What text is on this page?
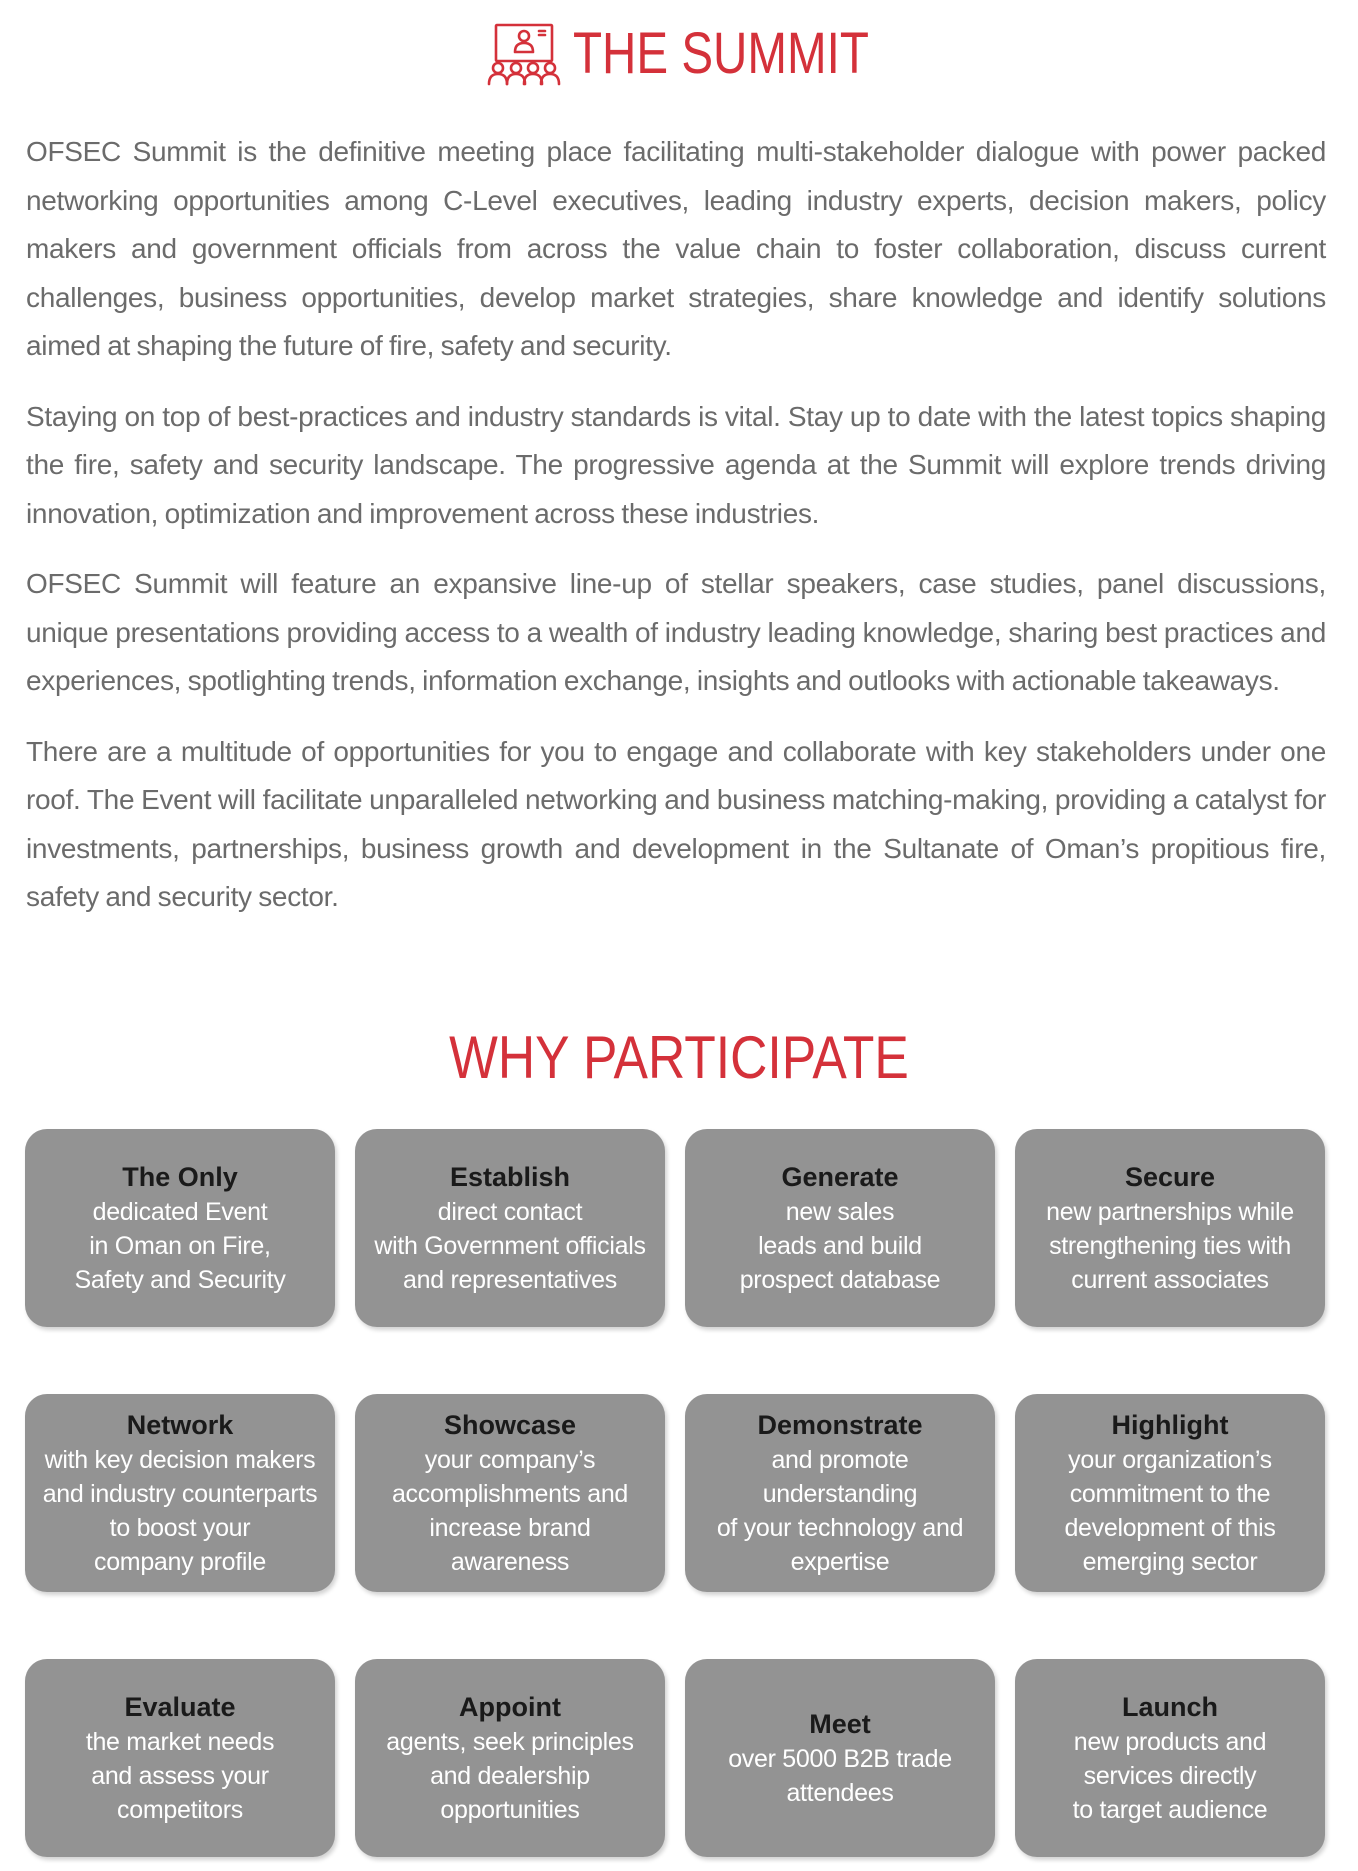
THE SUMMIT

OFSEC Summit is the definitive meeting place facilitating multi-stakeholder dialogue with power packed networking opportunities among C-Level executives, leading industry experts, decision makers, policy makers and government officials from across the value chain to foster collaboration, discuss current challenges, business opportunities, develop market strategies, share knowledge and identify solutions aimed at shaping the future of fire, safety and security.

Staying on top of best-practices and industry standards is vital. Stay up to date with the latest topics shaping the fire, safety and security landscape. The progressive agenda at the Summit will explore trends driving innovation, optimization and improvement across these industries.

OFSEC Summit will feature an expansive line-up of stellar speakers, case studies, panel discussions, unique presentations providing access to a wealth of industry leading knowledge, sharing best practices and experiences, spotlighting trends, information exchange, insights and outlooks with actionable takeaways.

There are a multitude of opportunities for you to engage and collaborate with key stakeholders under one roof. The Event will facilitate unparalleled networking and business matching-making, providing a catalyst for investments, partnerships, business growth and development in the Sultanate of Oman’s propitious fire, safety and security sector.

WHY PARTICIPATE
The Only
dedicated Event
in Oman on Fire,
Safety and Security
Establish
direct contact
with Government officials
and representatives
Generate
new sales
leads and build
prospect database
Secure
new partnerships while
strengthening ties with
current associates
Network
with key decision makers
and industry counterparts
to boost your
company profile
Showcase
your company’s
accomplishments and
increase brand
awareness
Demonstrate
and promote
understanding
of your technology and
expertise
Highlight
your organization’s
commitment to the
development of this
emerging sector
Evaluate
the market needs
and assess your
competitors
Appoint
agents, seek principles
and dealership
opportunities
Meet
over 5000 B2B trade
attendees
Launch
new products and
services directly
to target audience
